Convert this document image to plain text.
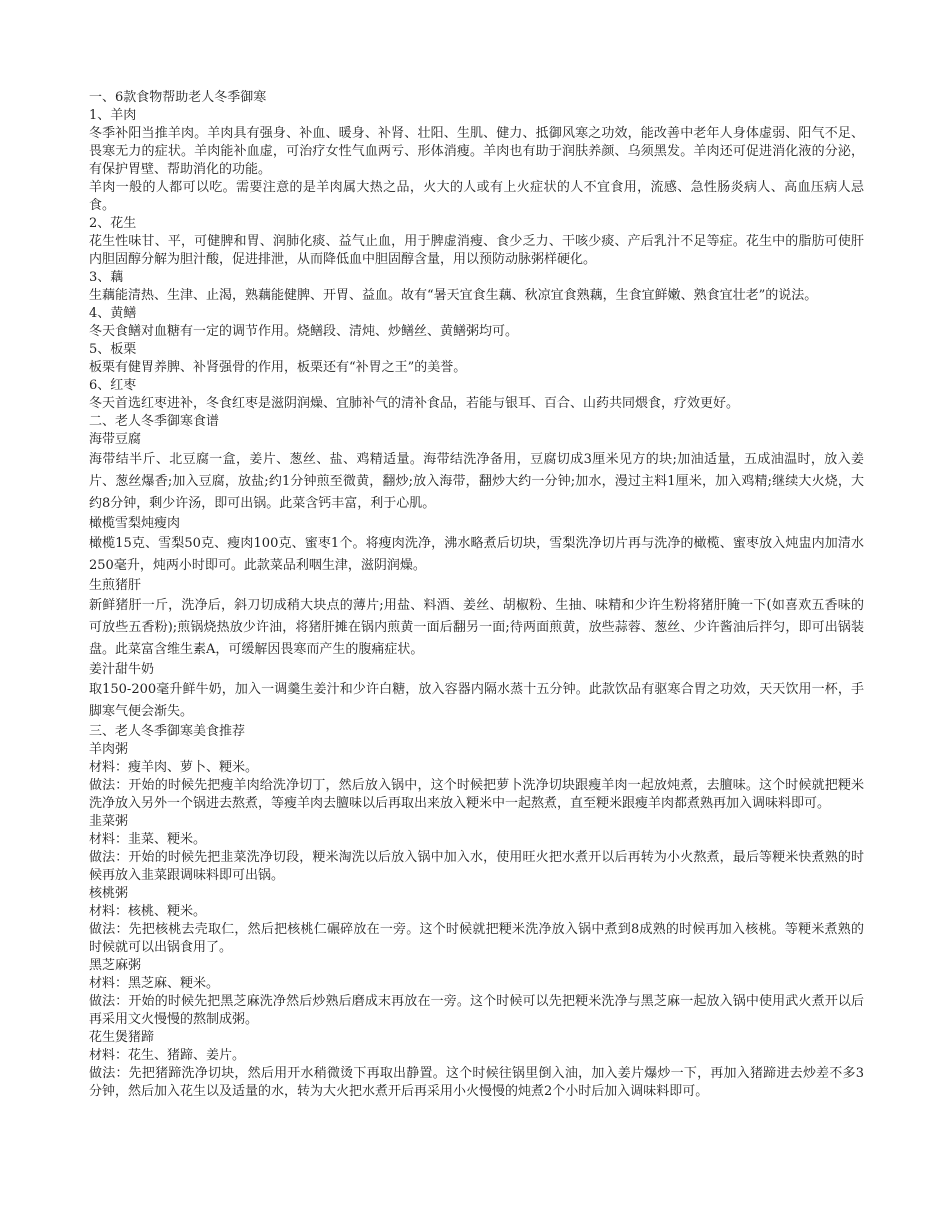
一、6款食物帮助老人冬季御寒

1、羊肉

冬季补阳当推羊肉。羊肉具有强身、补血、暖身、补肾、壮阳、生肌、健力、抵御风寒之功效，能改善中老年人身体虚弱、阳气不足、畏寒无力的症状。羊肉能补血虚，可治疗女性气血两亏、形体消瘦。羊肉也有助于润肤养颜、乌须黑发。羊肉还可促进消化液的分泌，有保护胃壁、帮助消化的功能。

羊肉一般的人都可以吃。需要注意的是羊肉属大热之品，火大的人或有上火症状的人不宜食用，流感、急性肠炎病人、高血压病人忌食。

2、花生

花生性味甘、平，可健脾和胃、润肺化痰、益气止血，用于脾虚消瘦、食少乏力、干咳少痰、产后乳汁不足等症。花生中的脂肪可使肝内胆固醇分解为胆汁酸，促进排泄，从而降低血中胆固醇含量，用以预防动脉粥样硬化。

3、藕

生藕能清热、生津、止渴，熟藕能健脾、开胃、益血。故有“暑天宜食生藕、秋凉宜食熟藕，生食宜鲜嫩、熟食宜壮老”的说法。

4、黄鳝

冬天食鳝对血糖有一定的调节作用。烧鳝段、清炖、炒鳝丝、黄鳝粥均可。

5、板栗

板栗有健胃养脾、补肾强骨的作用，板栗还有“补胃之王”的美誉。

6、红枣

冬天首选红枣进补，冬食红枣是滋阴润燥、宜肺补气的清补食品，若能与银耳、百合、山药共同煨食，疗效更好。

二、老人冬季御寒食谱

海带豆腐

海带结半斤、北豆腐一盒，姜片、葱丝、盐、鸡精适量。海带结洗净备用，豆腐切成3厘米见方的块;加油适量，五成油温时，放入姜片、葱丝爆香;加入豆腐，放盐;约1分钟煎至微黄，翻炒;放入海带，翻炒大约一分钟;加水，漫过主料1厘米，加入鸡精;继续大火烧，大约8分钟，剩少许汤，即可出锅。此菜含钙丰富，利于心肌。

橄榄雪梨炖瘦肉

橄榄15克、雪梨50克、瘦肉100克、蜜枣1个。将瘦肉洗净，沸水略煮后切块，雪梨洗净切片再与洗净的橄榄、蜜枣放入炖盅内加清水250毫升，炖两小时即可。此款菜品利咽生津，滋阴润燥。

生煎猪肝

新鲜猪肝一斤，洗净后，斜刀切成稍大块点的薄片;用盐、料酒、姜丝、胡椒粉、生抽、味精和少许生粉将猪肝腌一下(如喜欢五香味的可放些五香粉);煎锅烧热放少许油，将猪肝摊在锅内煎黄一面后翻另一面;待两面煎黄，放些蒜蓉、葱丝、少许酱油后拌匀，即可出锅装盘。此菜富含维生素A，可缓解因畏寒而产生的腹痛症状。

姜汁甜牛奶

取150-200毫升鲜牛奶，加入一调羹生姜汁和少许白糖，放入容器内隔水蒸十五分钟。此款饮品有驱寒合胃之功效，天天饮用一杯，手脚寒气便会渐失。

三、老人冬季御寒美食推荐

羊肉粥

材料：瘦羊肉、萝卜、粳米。

做法：开始的时候先把瘦羊肉给洗净切丁，然后放入锅中，这个时候把萝卜洗净切块跟瘦羊肉一起放炖煮，去膻味。这个时候就把粳米洗净放入另外一个锅进去熬煮，等瘦羊肉去膻味以后再取出来放入粳米中一起熬煮，直至粳米跟瘦羊肉都煮熟再加入调味料即可。

韭菜粥

材料：韭菜、粳米。

做法：开始的时候先把韭菜洗净切段，粳米淘洗以后放入锅中加入水，使用旺火把水煮开以后再转为小火熬煮，最后等粳米快煮熟的时候再放入韭菜跟调味料即可出锅。

核桃粥

材料：核桃、粳米。

做法：先把核桃去壳取仁，然后把核桃仁碾碎放在一旁。这个时候就把粳米洗净放入锅中煮到8成熟的时候再加入核桃。等粳米煮熟的时候就可以出锅食用了。

黑芝麻粥

材料：黑芝麻、粳米。

做法：开始的时候先把黑芝麻洗净然后炒熟后磨成末再放在一旁。这个时候可以先把粳米洗净与黑芝麻一起放入锅中使用武火煮开以后再采用文火慢慢的熬制成粥。

花生煲猪蹄

材料：花生、猪蹄、姜片。

做法：先把猪蹄洗净切块，然后用开水稍微烫下再取出静置。这个时候往锅里倒入油，加入姜片爆炒一下，再加入猪蹄进去炒差不多3分钟，然后加入花生以及适量的水，转为大火把水煮开后再采用小火慢慢的炖煮2个小时后加入调味料即可。
